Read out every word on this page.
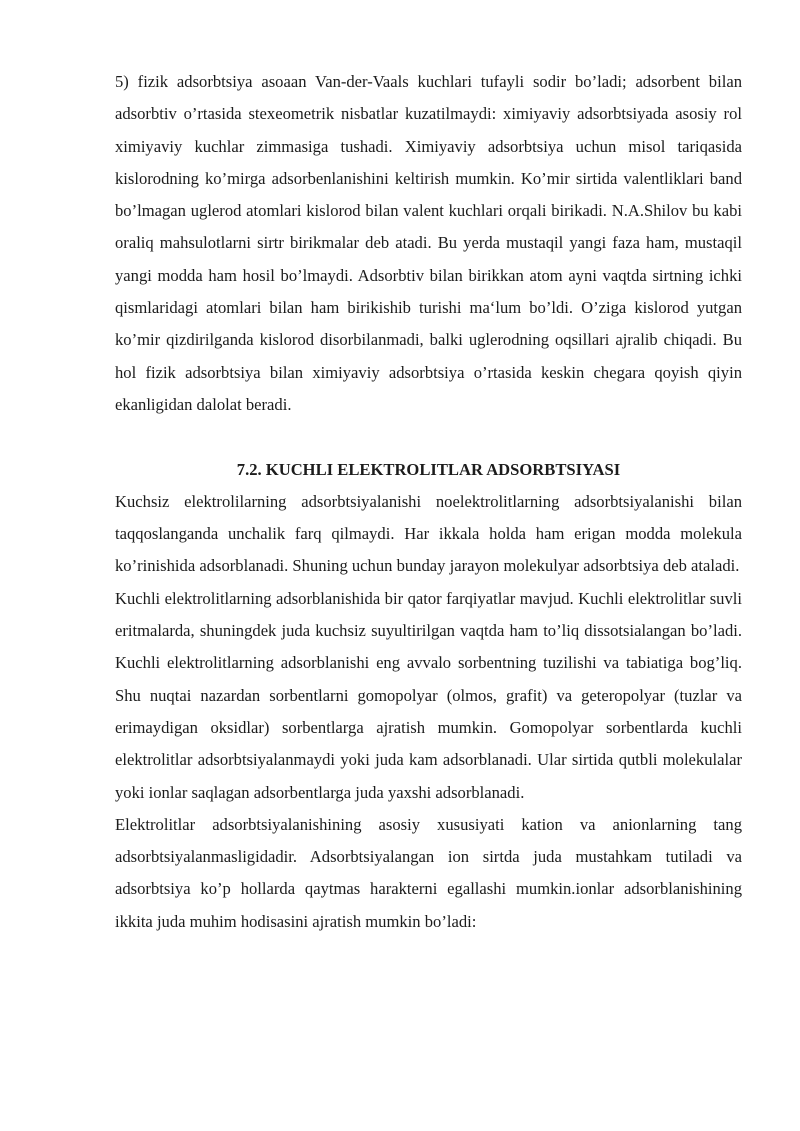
5) fizik adsorbtsiya asoaan Van-der-Vaals kuchlari tufayli sodir bo’ladi; adsorbent bilan adsorbtiv o’rtasida stexeometrik nisbatlar kuzatilmaydi: ximiyaviy adsorbtsiyada asosiy rol ximiyaviy kuchlar zimmasiga tushadi. Ximiyaviy adsorbtsiya uchun misol tariqasida kislorodning ko’mirga adsorbenlanishini keltirish mumkin. Ko’mir sirtida valentliklari band bo’lmagan uglerod atomlari kislorod bilan valent kuchlari orqali birikadi. N.A.Shilov bu kabi oraliq mahsulotlarni sirtr birikmalar deb atadi. Bu yerda mustaqil yangi faza ham, mustaqil yangi modda ham hosil bo’lmaydi. Adsorbtiv bilan birikkan atom ayni vaqtda sirtning ichki qismlaridagi atomlari bilan ham birikishib turishi ma‘lum bo’ldi. O’ziga kislorod yutgan ko’mir qizdirilganda kislorod disorbilanmadi, balki uglerodning oqsillari ajralib chiqadi. Bu hol fizik adsorbtsiya bilan ximiyaviy adsorbtsiya o’rtasida keskin chegara qoyish qiyin ekanligidan dalolat beradi.

7.2. KUCHLI ELEKTROLITLAR ADSORBTSIYASI

Kuchsiz elektrolilarning adsorbtsiyalanishi noelektrolitlarning adsorbtsiyalanishi bilan taqqoslanganda unchalik farq qilmaydi. Har ikkala holda ham erigan modda molekula ko’rinishida adsorblanadi. Shuning uchun bunday jarayon molekulyar adsorbtsiya deb ataladi.

Kuchli elektrolitlarning adsorblanishida bir qator farqiyatlar mavjud. Kuchli elektrolitlar suvli eritmalarda, shuningdek juda kuchsiz suyultirilgan vaqtda ham to’liq dissotsialangan bo’ladi. Kuchli elektrolitlarning adsorblanishi eng avvalo sorbentning tuzilishi va tabiatiga bog’liq. Shu nuqtai nazardan sorbentlarni gomopolyar (olmos, grafit) va geteropolyar (tuzlar va erimaydigan oksidlar) sorbentlarga ajratish mumkin. Gomopolyar sorbentlarda kuchli elektrolitlar adsorbtsiyalanmaydi yoki juda kam adsorblanadi. Ular sirtida qutbli molekulalar yoki ionlar saqlagan adsorbentlarga juda yaxshi adsorblanadi.

Elektrolitlar adsorbtsiyalanishining asosiy xususiyati kation va anionlarning tang adsorbtsiyalanmasligidadir. Adsorbtsiyalangan ion sirtda juda mustahkam tutiladi va adsorbtsiya ko’p hollarda qaytmas harakterni egallashi mumkin.ionlar adsorblanishining ikkita juda muhim hodisasini ajratish mumkin bo’ladi:
